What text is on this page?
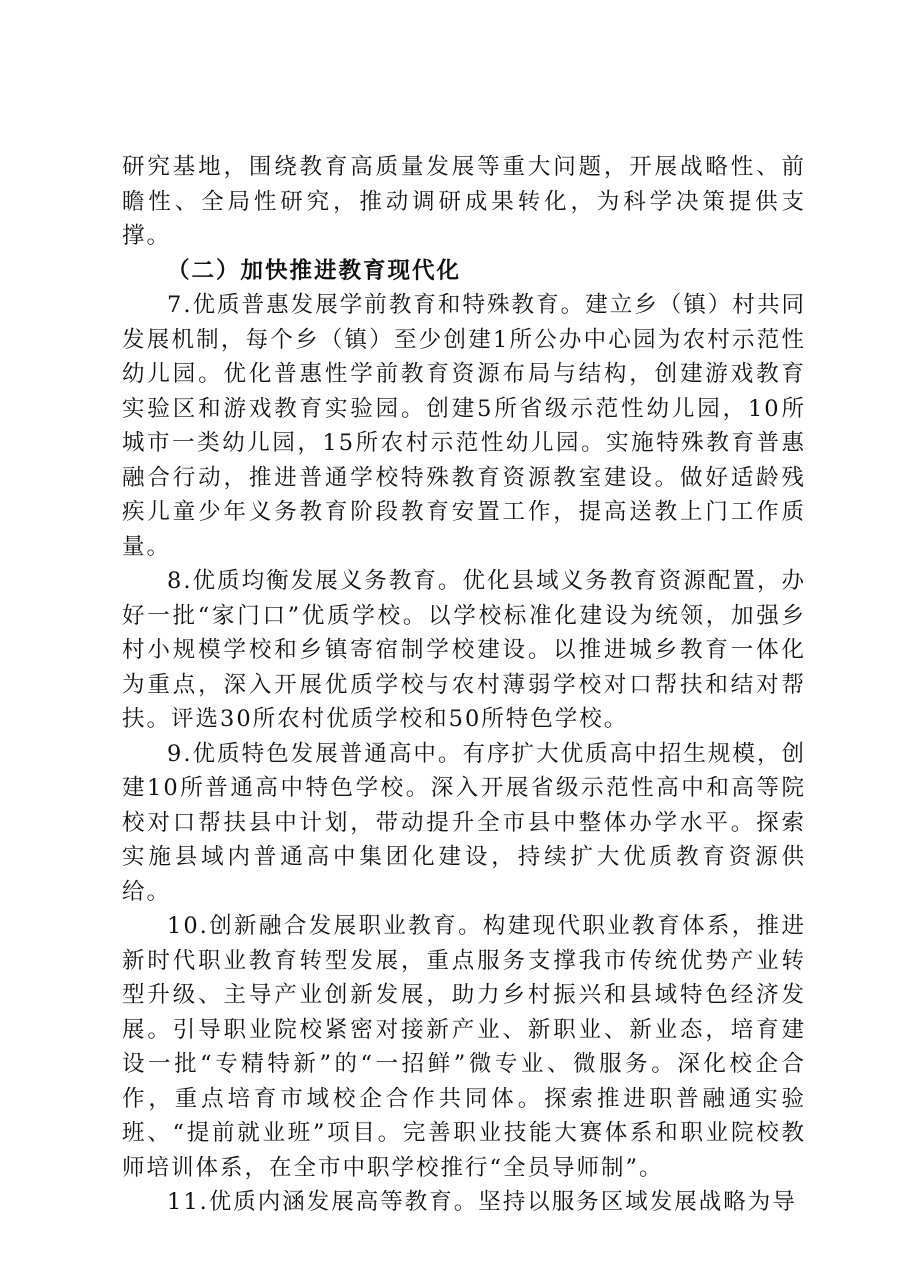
研究基地，围绕教育高质量发展等重大问题，开展战略性、前瞻性、全局性研究，推动调研成果转化，为科学决策提供支撑。

（二）加快推进教育现代化

7.优质普惠发展学前教育和特殊教育。建立乡（镇）村共同发展机制，每个乡（镇）至少创建1所公办中心园为农村示范性幼儿园。优化普惠性学前教育资源布局与结构，创建游戏教育实验区和游戏教育实验园。创建5所省级示范性幼儿园，10所城市一类幼儿园，15所农村示范性幼儿园。实施特殊教育普惠融合行动，推进普通学校特殊教育资源教室建设。做好适龄残疾儿童少年义务教育阶段教育安置工作，提高送教上门工作质量。

8.优质均衡发展义务教育。优化县域义务教育资源配置，办好一批“家门口”优质学校。以学校标准化建设为统领，加强乡村小规模学校和乡镇寄宿制学校建设。以推进城乡教育一体化为重点，深入开展优质学校与农村薄弱学校对口帮扶和结对帮扶。评选30所农村优质学校和50所特色学校。

9.优质特色发展普通高中。有序扩大优质高中招生规模，创建10所普通高中特色学校。深入开展省级示范性高中和高等院校对口帮扶县中计划，带动提升全市县中整体办学水平。探索实施县域内普通高中集团化建设，持续扩大优质教育资源供给。

10.创新融合发展职业教育。构建现代职业教育体系，推进新时代职业教育转型发展，重点服务支撑我市传统优势产业转型升级、主导产业创新发展，助力乡村振兴和县域特色经济发展。引导职业院校紧密对接新产业、新职业、新业态，培育建设一批“专精特新”的“一招鲜”微专业、微服务。深化校企合作，重点培育市域校企合作共同体。探索推进职普融通实验班、“提前就业班”项目。完善职业技能大赛体系和职业院校教师培训体系，在全市中职学校推行“全员导师制”。

11.优质内涵发展高等教育。坚持以服务区域发展战略为导
